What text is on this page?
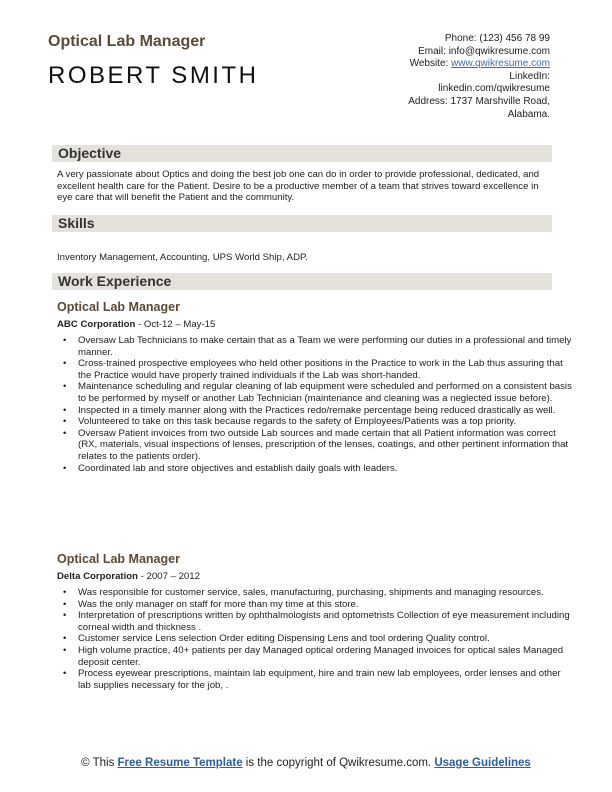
Optical Lab Manager
ROBERT SMITH
Phone: (123) 456 78 99
Email: info@qwikresume.com
Website: www.qwikresume.com
LinkedIn:
linkedin.com/qwikresume
Address: 1737 Marshville Road,
Alabama.
Objective
A very passionate about Optics and doing the best job one can do in order to provide professional, dedicated, and excellent health care for the Patient. Desire to be a productive member of a team that strives toward excellence in eye care that will benefit the Patient and the community.
Skills
Inventory Management, Accounting, UPS World Ship, ADP.
Work Experience
Optical Lab Manager
ABC Corporation - Oct-12 – May-15
• Oversaw Lab Technicians to make certain that as a Team we were performing our duties in a professional and timely manner.
• Cross-trained prospective employees who held other positions in the Practice to work in the Lab thus assuring that the Practice would have properly trained individuals if the Lab was short-handed.
• Maintenance scheduling and regular cleaning of lab equipment were scheduled and performed on a consistent basis to be performed by myself or another Lab Technician (maintenance and cleaning was a neglected issue before).
• Inspected in a timely manner along with the Practices redo/remake percentage being reduced drastically as well.
• Volunteered to take on this task because regards to the safety of Employees/Patients was a top priority.
• Oversaw Patient invoices from two outside Lab sources and made certain that all Patient information was correct (RX, materials, visual inspections of lenses, prescription of the lenses, coatings, and other pertinent information that relates to the patients order).
• Coordinated lab and store objectives and establish daily goals with leaders.
Optical Lab Manager
Delta Corporation - 2007 – 2012
• Was responsible for customer service, sales, manufacturing, purchasing, shipments and managing resources.
• Was the only manager on staff for more than my time at this store.
• Interpretation of prescriptions written by ophthalmologists and optometrists Collection of eye measurement including corneal width and thickness .
• Customer service Lens selection Order editing Dispensing Lens and tool ordering Quality control.
• High volume practice, 40+ patients per day Managed optical ordering Managed invoices for optical sales Managed deposit center.
• Process eyewear prescriptions, maintain lab equipment, hire and train new lab employees, order lenses and other lab supplies necessary for the job, .
© This Free Resume Template is the copyright of Qwikresume.com. Usage Guidelines
